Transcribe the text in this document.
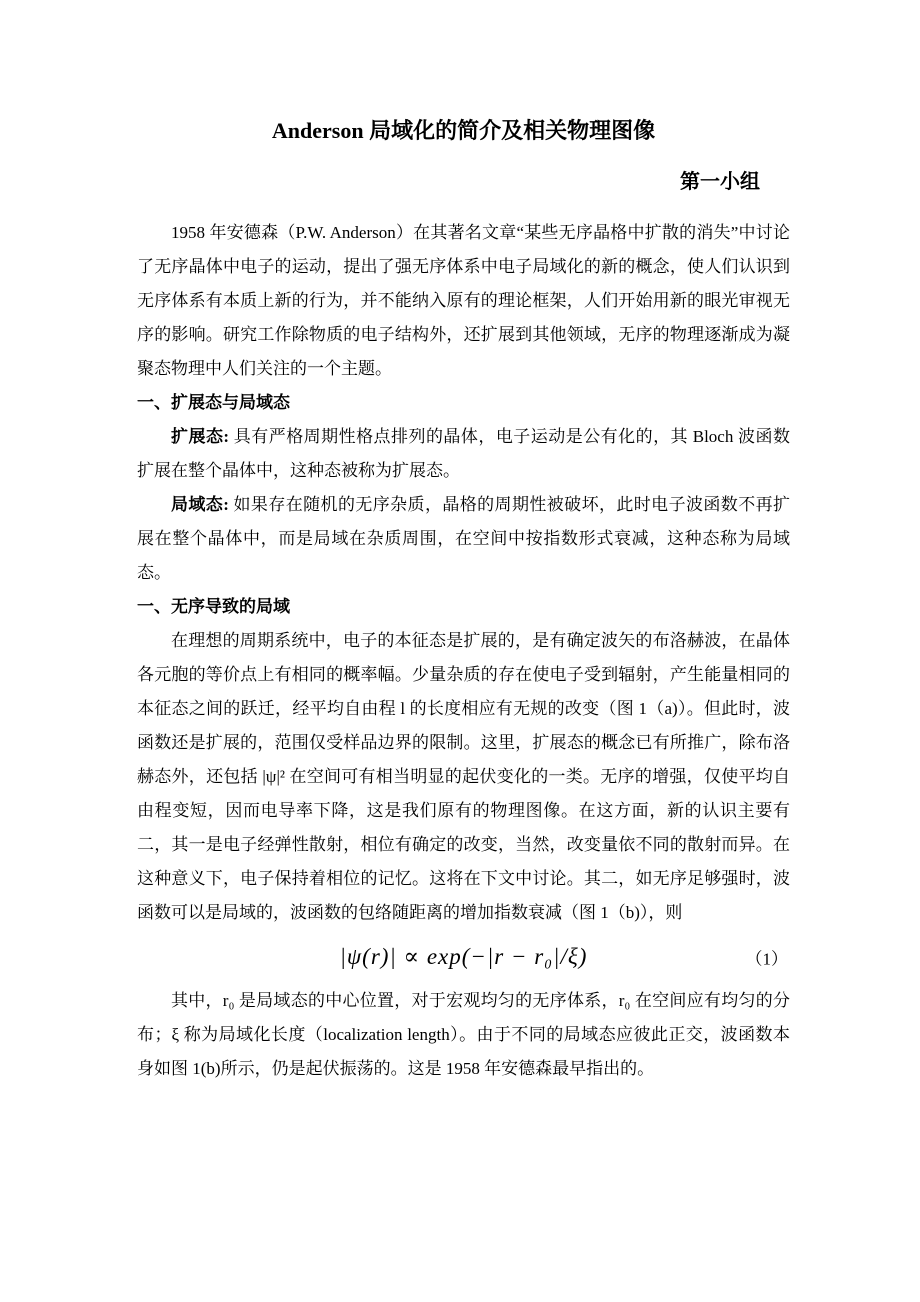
Anderson 局域化的简介及相关物理图像
第一小组

1958 年安德森（P.W. Anderson）在其著名文章“某些无序晶格中扩散的消失”中讨论了无序晶体中电子的运动，提出了强无序体系中电子局域化的新的概念，使人们认识到无序体系有本质上新的行为，并不能纳入原有的理论框架，人们开始用新的眼光审视无序的影响。研究工作除物质的电子结构外，还扩展到其他领域，无序的物理逐渐成为凝聚态物理中人们关注的一个主题。

一、扩展态与局域态

扩展态: 具有严格周期性格点排列的晶体，电子运动是公有化的，其 Bloch 波函数扩展在整个晶体中，这种态被称为扩展态。

局域态: 如果存在随机的无序杂质，晶格的周期性被破坏，此时电子波函数不再扩展在整个晶体中，而是局域在杂质周围，在空间中按指数形式衰减，这种态称为局域态。

一、无序导致的局域

在理想的周期系统中，电子的本征态是扩展的，是有确定波矢的布洛赫波，在晶体各元胞的等价点上有相同的概率幅。少量杂质的存在使电子受到辐射，产生能量相同的本征态之间的跃迁，经平均自由程 l 的长度相应有无规的改变（图 1（a)）。但此时，波函数还是扩展的，范围仅受样品边界的限制。这里，扩展态的概念已有所推广，除布洛赫态外，还包括 |ψ|² 在空间可有相当明显的起伏变化的一类。无序的增强，仅使平均自由程变短，因而电导率下降，这是我们原有的物理图像。在这方面，新的认识主要有二，其一是电子经弹性散射，相位有确定的改变，当然，改变量依不同的散射而异。在这种意义下，电子保持着相位的记忆。这将在下文中讨论。其二，如无序足够强时，波函数可以是局域的，波函数的包络随距离的增加指数衰减（图 1（b)），则

|ψ(r)| ∝ exp(−|r − r₀|/ξ)	（1）

其中，r₀ 是局域态的中心位置，对于宏观均匀的无序体系，r₀ 在空间应有均匀的分布；ξ 称为局域化长度（localization length）。由于不同的局域态应彼此正交，波函数本身如图 1(b)所示，仍是起伏振荡的。这是 1958 年安德森最早指出的。
